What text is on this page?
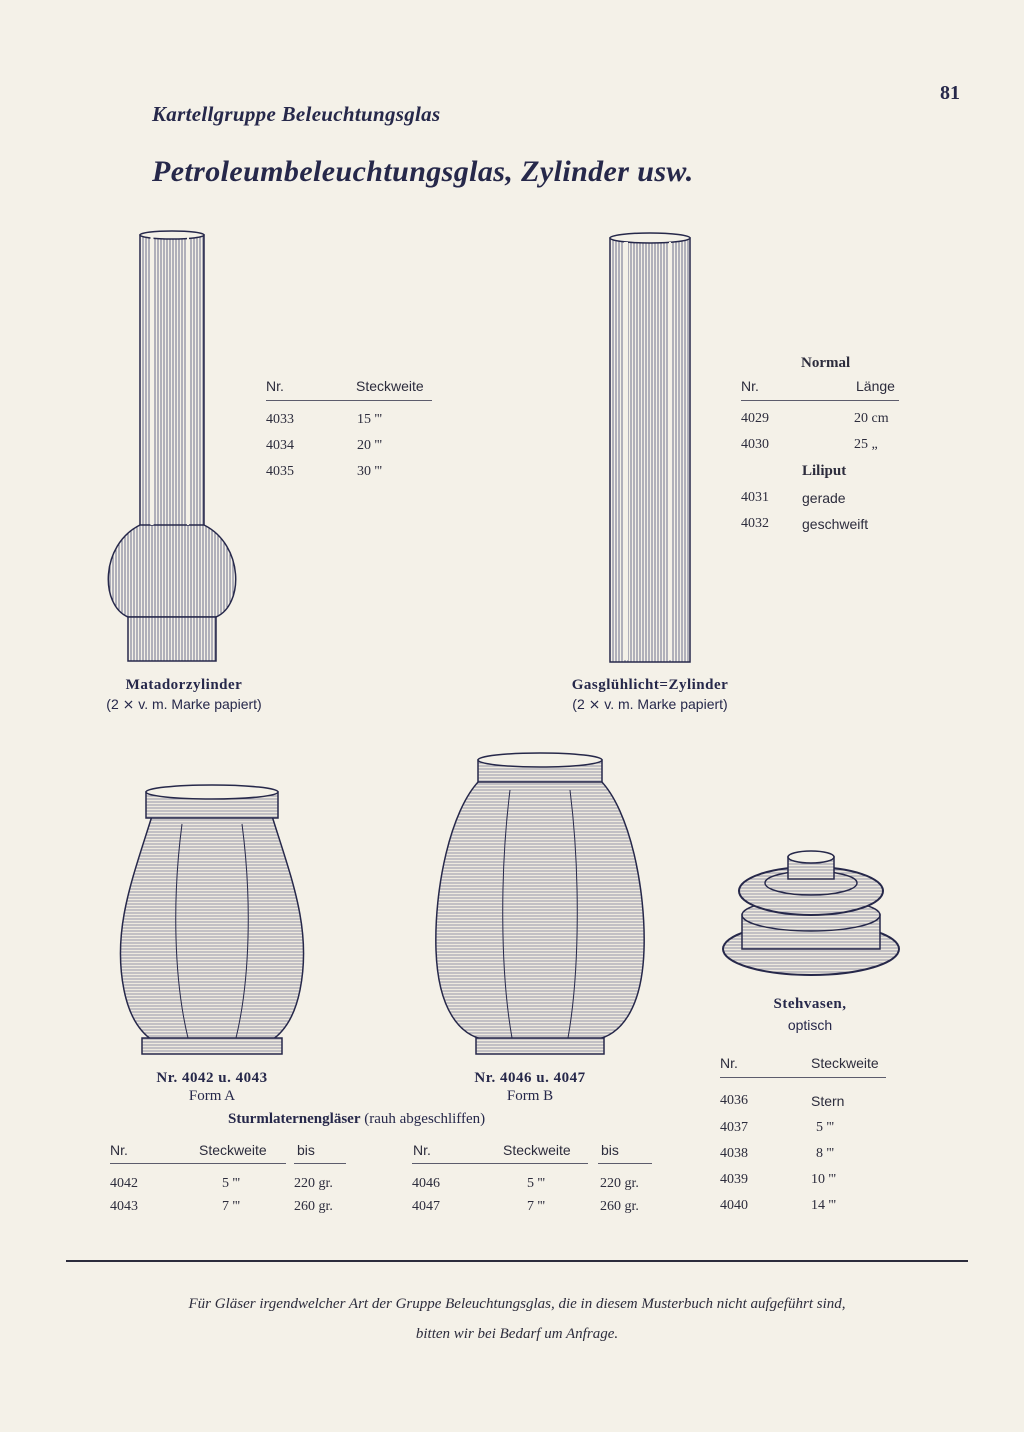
81
Kartellgruppe Beleuchtungsglas
Petroleumbeleuchtungsglas, Zylinder usw.
Nr.	Steckweite
4033	15 '''
4034	20 '''
4035	30 '''
Matadorzylinder
(2 ⨯ v. m. Marke papiert)
Normal
Nr.	Länge
4029	20 cm
4030	25 „
Liliput
4031 gerade
4032 geschweift
Gasglühlicht=Zylinder
(2 ⨯ v. m. Marke papiert)
Nr. 4042 u. 4043
Form A
Nr. 4046 u. 4047
Form B
Sturmlaternengläser (rauh abgeschliffen)
Nr.	Steckweite bis	Nr.	Steckweite bis
4042	5 '''	220 gr.	4046	5 '''	220 gr.
4043	7 '''	260 gr.	4047	7 '''	260 gr.
Stehvasen,
optisch
Nr.	Steckweite
4036	Stern
4037	5 '''
4038	8 '''
4039	10 '''
4040	14 '''
Für Gläser irgendwelcher Art der Gruppe Beleuchtungsglas, die in diesem Musterbuch nicht aufgeführt sind,
bitten wir bei Bedarf um Anfrage.
